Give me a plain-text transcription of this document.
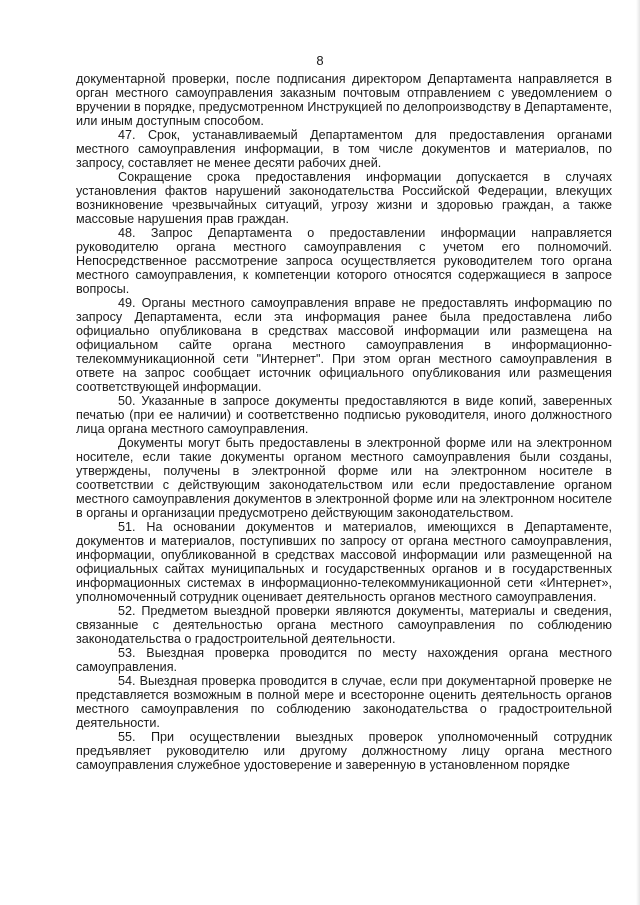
8

документарной проверки, после подписания директором Департамента направляется в орган местного самоуправления заказным почтовым отправлением с уведомлением о вручении в порядке, предусмотренном Инструкцией по делопроизводству в Департаменте, или иным доступным способом.

47. Срок, устанавливаемый Департаментом для предоставления органами местного самоуправления информации, в том числе документов и материалов, по запросу, составляет не менее десяти рабочих дней.

Сокращение срока предоставления информации допускается в случаях установления фактов нарушений законодательства Российской Федерации, влекущих возникновение чрезвычайных ситуаций, угрозу жизни и здоровью граждан, а также массовые нарушения прав граждан.

48. Запрос Департамента о предоставлении информации направляется руководителю органа местного самоуправления с учетом его полномочий. Непосредственное рассмотрение запроса осуществляется руководителем того органа местного самоуправления, к компетенции которого относятся содержащиеся в запросе вопросы.

49. Органы местного самоуправления вправе не предоставлять информацию по запросу Департамента, если эта информация ранее была предоставлена либо официально опубликована в средствах массовой информации или размещена на официальном сайте органа местного самоуправления в информационно-телекоммуникационной сети "Интернет". При этом орган местного самоуправления в ответе на запрос сообщает источник официального опубликования или размещения соответствующей информации.

50. Указанные в запросе документы предоставляются в виде копий, заверенных печатью (при ее наличии) и соответственно подписью руководителя, иного должностного лица органа местного самоуправления.

Документы могут быть предоставлены в электронной форме или на электронном носителе, если такие документы органом местного самоуправления были созданы, утверждены, получены в электронной форме или на электронном носителе в соответствии с действующим законодательством или если предоставление органом местного самоуправления документов в электронной форме или на электронном носителе в органы и организации предусмотрено действующим законодательством.

51. На основании документов и материалов, имеющихся в Департаменте, документов и материалов, поступивших по запросу от органа местного самоуправления, информации, опубликованной в средствах массовой информации или размещенной на официальных сайтах муниципальных и государственных органов и в государственных информационных системах в информационно-телекоммуникационной сети «Интернет», уполномоченный сотрудник оценивает деятельность органов местного самоуправления.

52. Предметом выездной проверки являются документы, материалы и сведения, связанные с деятельностью органа местного самоуправления по соблюдению законодательства о градостроительной деятельности.

53. Выездная проверка проводится по месту нахождения органа местного самоуправления.

54. Выездная проверка проводится в случае, если при документарной проверке не представляется возможным в полной мере и всесторонне оценить деятельность органов местного самоуправления по соблюдению законодательства о градостроительной деятельности.

55. При осуществлении выездных проверок уполномоченный сотрудник предъявляет руководителю или другому должностному лицу органа местного самоуправления служебное удостоверение и заверенную в установленном порядке
